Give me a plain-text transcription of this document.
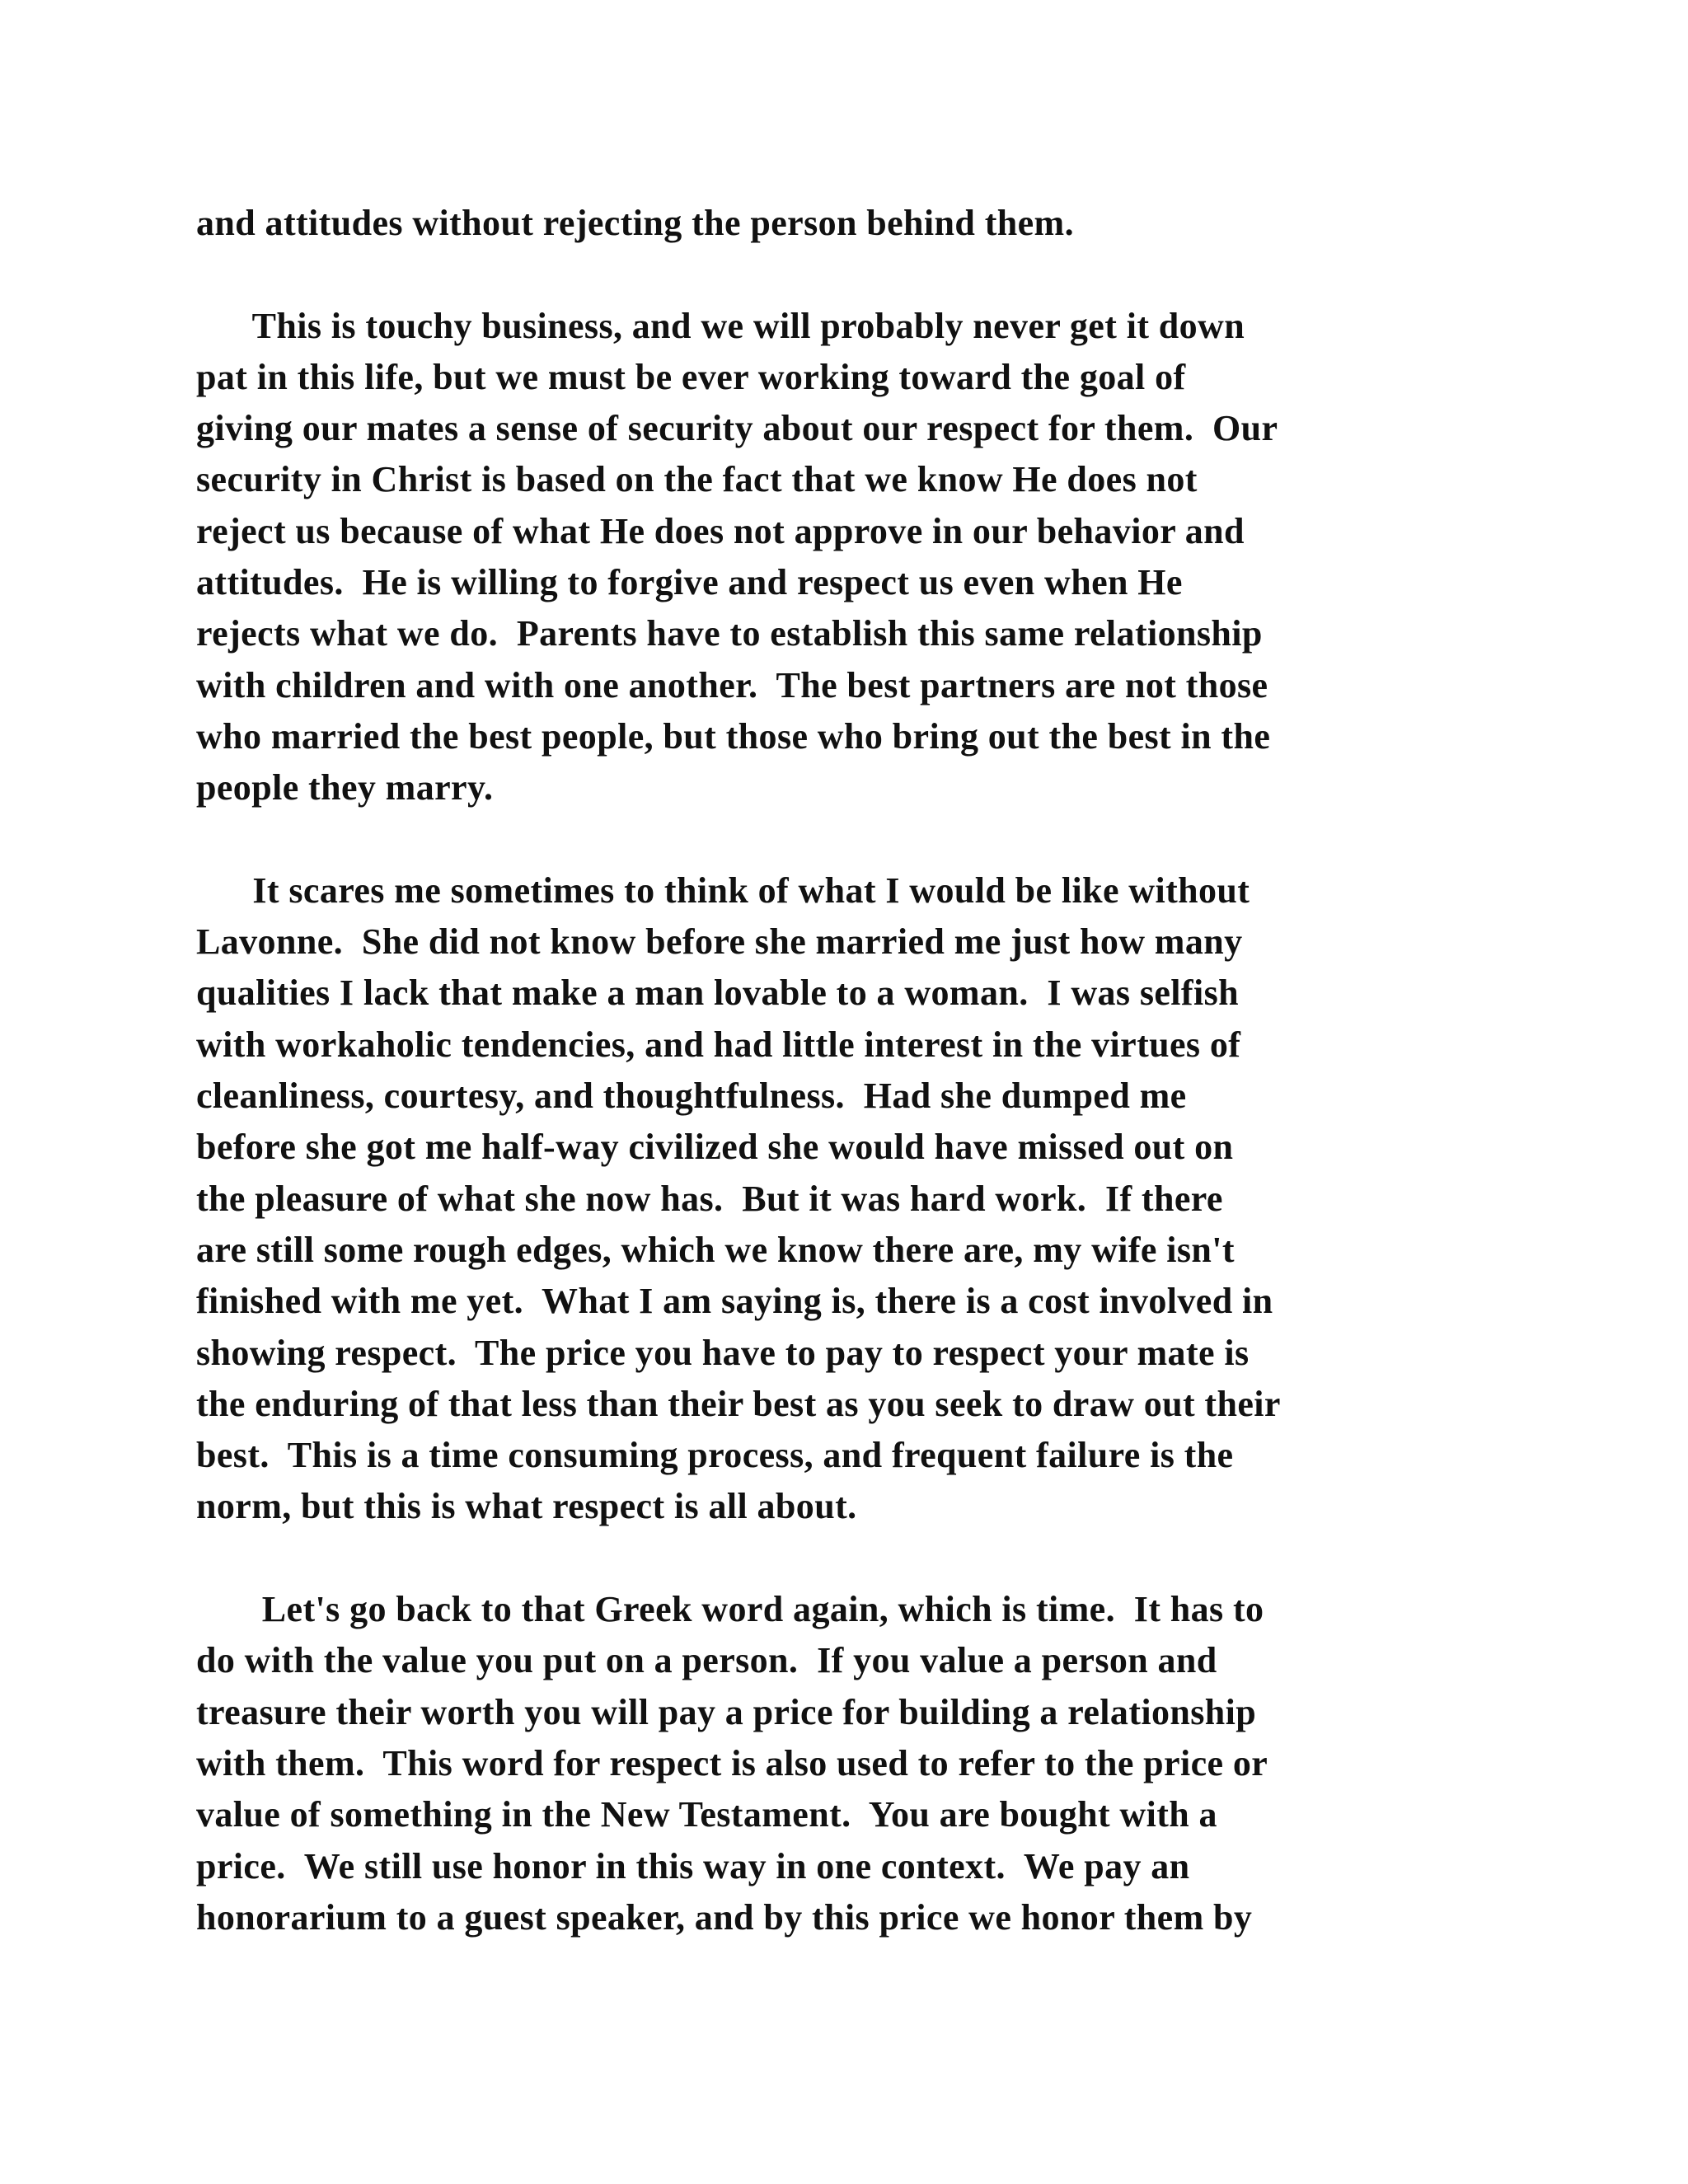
and attitudes without rejecting the person behind them.

This is touchy business, and we will probably never get it down
pat in this life, but we must be ever working toward the goal of
giving our mates a sense of security about our respect for them.  Our
security in Christ is based on the fact that we know He does not
reject us because of what He does not approve in our behavior and
attitudes.  He is willing to forgive and respect us even when He
rejects what we do.  Parents have to establish this same relationship
with children and with one another.  The best partners are not those
who married the best people, but those who bring out the best in the
people they marry.

It scares me sometimes to think of what I would be like without
Lavonne.  She did not know before she married me just how many
qualities I lack that make a man lovable to a woman.  I was selfish
with workaholic tendencies, and had little interest in the virtues of
cleanliness, courtesy, and thoughtfulness.  Had she dumped me
before she got me half-way civilized she would have missed out on
the pleasure of what she now has.  But it was hard work.  If there
are still some rough edges, which we know there are, my wife isn't
finished with me yet.  What I am saying is, there is a cost involved in
showing respect.  The price you have to pay to respect your mate is
the enduring of that less than their best as you seek to draw out their
best.  This is a time consuming process, and frequent failure is the
norm, but this is what respect is all about.

Let's go back to that Greek word again, which is time.  It has to
do with the value you put on a person.  If you value a person and
treasure their worth you will pay a price for building a relationship
with them.  This word for respect is also used to refer to the price or
value of something in the New Testament.  You are bought with a
price.  We still use honor in this way in one context.  We pay an
honorarium to a guest speaker, and by this price we honor them by
